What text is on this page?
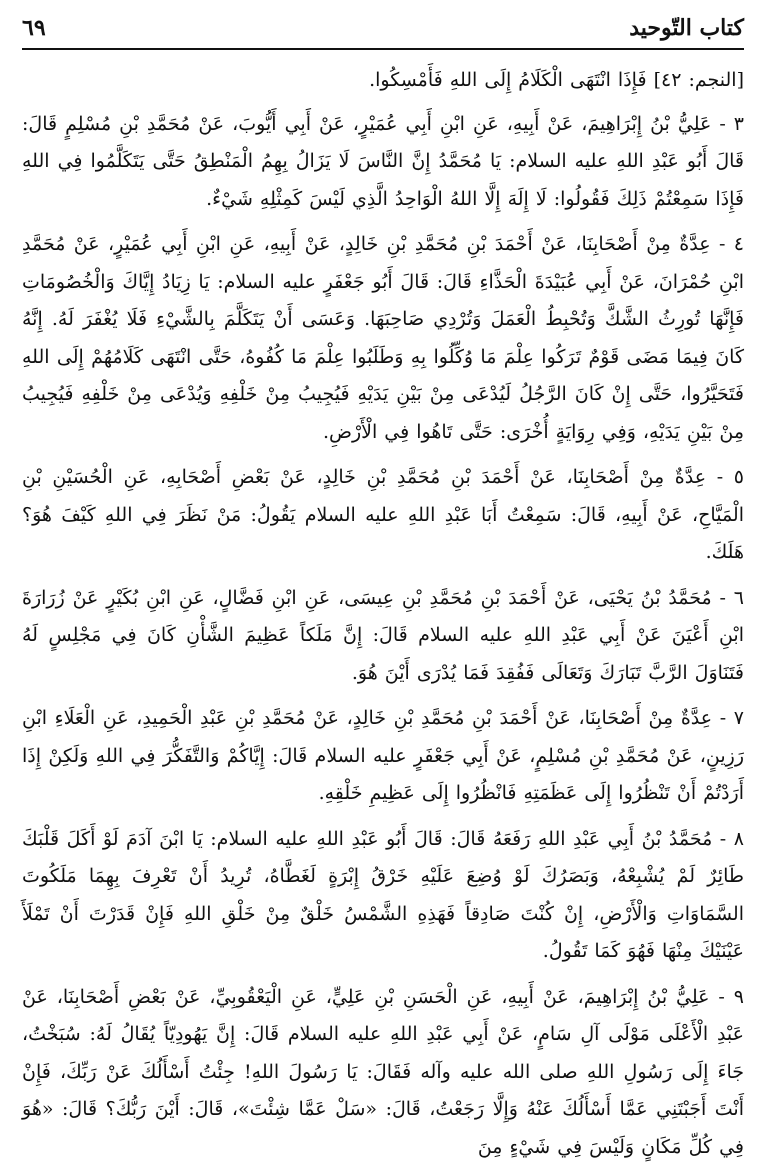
٦٩	كتاب التّوحيد

[النجم: ٤٢] فَإِذَا انْتَهَى الْكَلَامُ إِلَى اللهِ فَأَمْسِكُوا.

٣ - عَلِيُّ بْنُ إِبْرَاهِيمَ، عَنْ أَبِيهِ، عَنِ ابْنِ أَبِي عُمَيْرٍ، عَنْ أَبِي أَيُّوبَ، عَنْ مُحَمَّدِ بْنِ مُسْلِمٍ قَالَ: قَالَ أَبُو عَبْدِ اللهِ عليه السلام: يَا مُحَمَّدُ إِنَّ النَّاسَ لَا يَزَالُ بِهِمُ الْمَنْطِقُ حَتَّى يَتَكَلَّمُوا فِي اللهِ فَإِذَا سَمِعْتُمْ ذَلِكَ فَقُولُوا: لَا إِلَهَ إِلَّا اللهُ الْوَاحِدُ الَّذِي لَيْسَ كَمِثْلِهِ شَيْءٌ.

٤ - عِدَّةٌ مِنْ أَصْحَابِنَا، عَنْ أَحْمَدَ بْنِ مُحَمَّدِ بْنِ خَالِدٍ، عَنْ أَبِيهِ، عَنِ ابْنِ أَبِي عُمَيْرٍ، عَنْ مُحَمَّدِ ابْنِ حُمْرَانَ، عَنْ أَبِي عُبَيْدَةَ الْحَذَّاءِ قَالَ: قَالَ أَبُو جَعْفَرٍ عليه السلام: يَا زِيَادُ إِيَّاكَ وَالْخُصُومَاتِ فَإِنَّهَا تُورِثُ الشَّكَّ وَتُحْبِطُ الْعَمَلَ وَتُرْدِي صَاحِبَهَا. وَعَسَى أَنْ يَتَكَلَّمَ بِالشَّيْءِ فَلَا يُغْفَرَ لَهُ. إِنَّهُ كَانَ فِيمَا مَضَى قَوْمٌ تَرَكُوا عِلْمَ مَا وُكِّلُوا بِهِ وَطَلَبُوا عِلْمَ مَا كُفُوهُ، حَتَّى انْتَهَى كَلَامُهُمْ إِلَى اللهِ فَتَحَيَّرُوا، حَتَّى إِنْ كَانَ الرَّجُلُ لَيُدْعَى مِنْ بَيْنِ يَدَيْهِ فَيُجِيبُ مِنْ خَلْفِهِ وَيُدْعَى مِنْ خَلْفِهِ فَيُجِيبُ مِنْ بَيْنِ يَدَيْهِ، وَفِي رِوَايَةٍ أُخْرَى: حَتَّى تَاهُوا فِي الْأَرْضِ.

٥ - عِدَّةٌ مِنْ أَصْحَابِنَا، عَنْ أَحْمَدَ بْنِ مُحَمَّدِ بْنِ خَالِدٍ، عَنْ بَعْضِ أَصْحَابِهِ، عَنِ الْحُسَيْنِ بْنِ الْمَيَّاحِ، عَنْ أَبِيهِ، قَالَ: سَمِعْتُ أَبَا عَبْدِ اللهِ عليه السلام يَقُولُ: مَنْ نَظَرَ فِي اللهِ كَيْفَ هُوَ؟ هَلَكَ.

٦ - مُحَمَّدُ بْنُ يَحْيَى، عَنْ أَحْمَدَ بْنِ مُحَمَّدِ بْنِ عِيسَى، عَنِ ابْنِ فَضَّالٍ، عَنِ ابْنِ بُكَيْرٍ عَنْ زُرَارَةَ ابْنِ أَعْيَنَ عَنْ أَبِي عَبْدِ اللهِ عليه السلام قَالَ: إِنَّ مَلَكاً عَظِيمَ الشَّأْنِ كَانَ فِي مَجْلِسٍ لَهُ فَتَنَاوَلَ الرَّبَّ تَبَارَكَ وَتَعَالَى فَفُقِدَ فَمَا يُدْرَى أَيْنَ هُوَ.

٧ - عِدَّةٌ مِنْ أَصْحَابِنَا، عَنْ أَحْمَدَ بْنِ مُحَمَّدِ بْنِ خَالِدٍ، عَنْ مُحَمَّدِ بْنِ عَبْدِ الْحَمِيدِ، عَنِ الْعَلَاءِ ابْنِ رَزِينٍ، عَنْ مُحَمَّدِ بْنِ مُسْلِمٍ، عَنْ أَبِي جَعْفَرٍ عليه السلام قَالَ: إِيَّاكُمْ وَالتَّفَكُّرَ فِي اللهِ وَلَكِنْ إِذَا أَرَدْتُمْ أَنْ تَنْظُرُوا إِلَى عَظَمَتِهِ فَانْظُرُوا إِلَى عَظِيمِ خَلْقِهِ.

٨ - مُحَمَّدُ بْنُ أَبِي عَبْدِ اللهِ رَفَعَهُ قَالَ: قَالَ أَبُو عَبْدِ اللهِ عليه السلام: يَا ابْنَ آدَمَ لَوْ أَكَلَ قَلْبَكَ طَائِرٌ لَمْ يُشْبِعْهُ، وَبَصَرُكَ لَوْ وُضِعَ عَلَيْهِ خَرْقُ إِبْرَةٍ لَغَطَّاهُ، تُرِيدُ أَنْ تَعْرِفَ بِهِمَا مَلَكُوتَ السَّمَاوَاتِ وَالْأَرْضِ، إِنْ كُنْتَ صَادِقاً فَهَذِهِ الشَّمْسُ خَلْقٌ مِنْ خَلْقِ اللهِ فَإِنْ قَدَرْتَ أَنْ تَمْلَأَ عَيْنَيْكَ مِنْهَا فَهُوَ كَمَا تَقُولُ.

٩ - عَلِيُّ بْنُ إِبْرَاهِيمَ، عَنْ أَبِيهِ، عَنِ الْحَسَنِ بْنِ عَلِيٍّ، عَنِ الْيَعْقُوبِيِّ، عَنْ بَعْضِ أَصْحَابِنَا، عَنْ عَبْدِ الْأَعْلَى مَوْلَى آلِ سَامٍ، عَنْ أَبِي عَبْدِ اللهِ عليه السلام قَالَ: إِنَّ يَهُودِيّاً يُقَالُ لَهُ: سُبَخْتُ، جَاءَ إِلَى رَسُولِ اللهِ صلى الله عليه وآله فَقَالَ: يَا رَسُولَ اللهِ! جِئْتُ أَسْأَلُكَ عَنْ رَبِّكَ، فَإِنْ أَنْتَ أَجَبْتَنِي عَمَّا أَسْأَلُكَ عَنْهُ وَإِلَّا رَجَعْتُ، قَالَ: «سَلْ عَمَّا شِئْتَ»، قَالَ: أَيْنَ رَبُّكَ؟ قَالَ: «هُوَ فِي كُلِّ مَكَانٍ وَلَيْسَ فِي شَيْءٍ مِنَ
